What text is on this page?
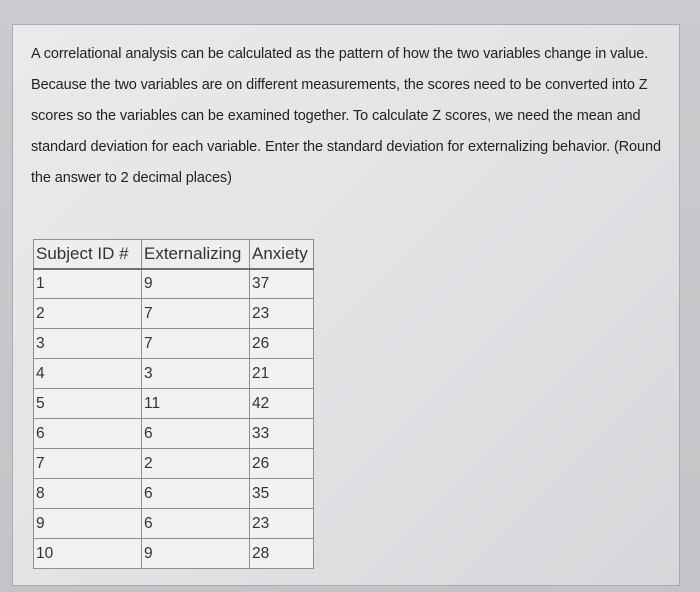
A correlational analysis can be calculated as the pattern of how the two variables change in value. Because the two variables are on different measurements, the scores need to be converted into Z scores so the variables can be examined together. To calculate Z scores, we need the mean and standard deviation for each variable. Enter the standard deviation for externalizing behavior. (Round the answer to 2 decimal places)
Subject ID #	Externalizing	Anxiety
1	9	37
2	7	23
3	7	26
4	3	21
5	11	42
6	6	33
7	2	26
8	6	35
9	6	23
10	9	28
